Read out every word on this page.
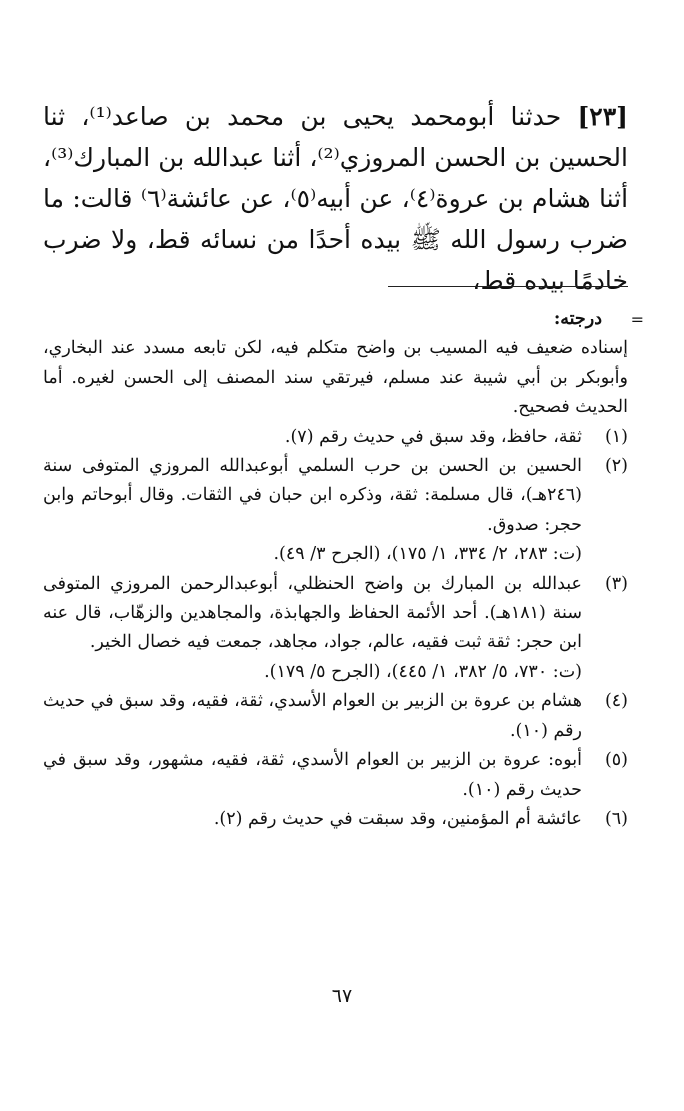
[٢٣] حدثنا أبومحمد يحيى بن محمد بن صاعد⁽¹⁾، ثنا الحسين بن الحسن المروزي⁽²⁾، أثنا عبدالله بن المبارك⁽³⁾، أثنا هشام بن عروة⁽٤⁾، عن أبيه⁽٥⁾، عن عائشة⁽٦⁾ قالت: ما ضرب رسول الله ﷺ بيده أحدًا من نسائه قط، ولا ضرب خادمًا بيده قط،
=

درجته:

إسناده ضعيف فيه المسيب بن واضح متكلم فيه، لكن تابعه مسدد عند البخاري، وأبوبكر بن أبي شيبة عند مسلم، فيرتقي سند المصنف إلى الحسن لغيره. أما الحديث فصحيح.

(١)

ثقة، حافظ، وقد سبق في حديث رقم (٧).

(٢)

الحسين بن الحسن بن حرب السلمي أبوعبدالله المروزي المتوفى سنة (٢٤٦هـ)، قال مسلمة: ثقة، وذكره ابن حبان في الثقات. وقال أبوحاتم وابن حجر: صدوق.

(ت: ٢٨٣، ٢/ ٣٣٤، ١/ ١٧٥)، (الجرح ٣/ ٤٩).

(٣)

عبدالله بن المبارك بن واضح الحنظلي، أبوعبدالرحمن المروزي المتوفى سنة (١٨١هـ). أحد الأئمة الحفاظ والجهابذة، والمجاهدين والزهّاب، قال عنه ابن حجر: ثقة ثبت فقيه، عالم، جواد، مجاهد، جمعت فيه خصال الخير.

(ت: ٧٣٠، ٥/ ٣٨٢، ١/ ٤٤٥)، (الجرح ٥/ ١٧٩).

(٤)

هشام بن عروة بن الزبير بن العوام الأسدي، ثقة، فقيه، وقد سبق في حديث رقم (١٠).

(٥)

أبوه: عروة بن الزبير بن العوام الأسدي، ثقة، فقيه، مشهور، وقد سبق في حديث رقم (١٠).

(٦)

عائشة أم المؤمنين، وقد سبقت في حديث رقم (٢).

٦٧
